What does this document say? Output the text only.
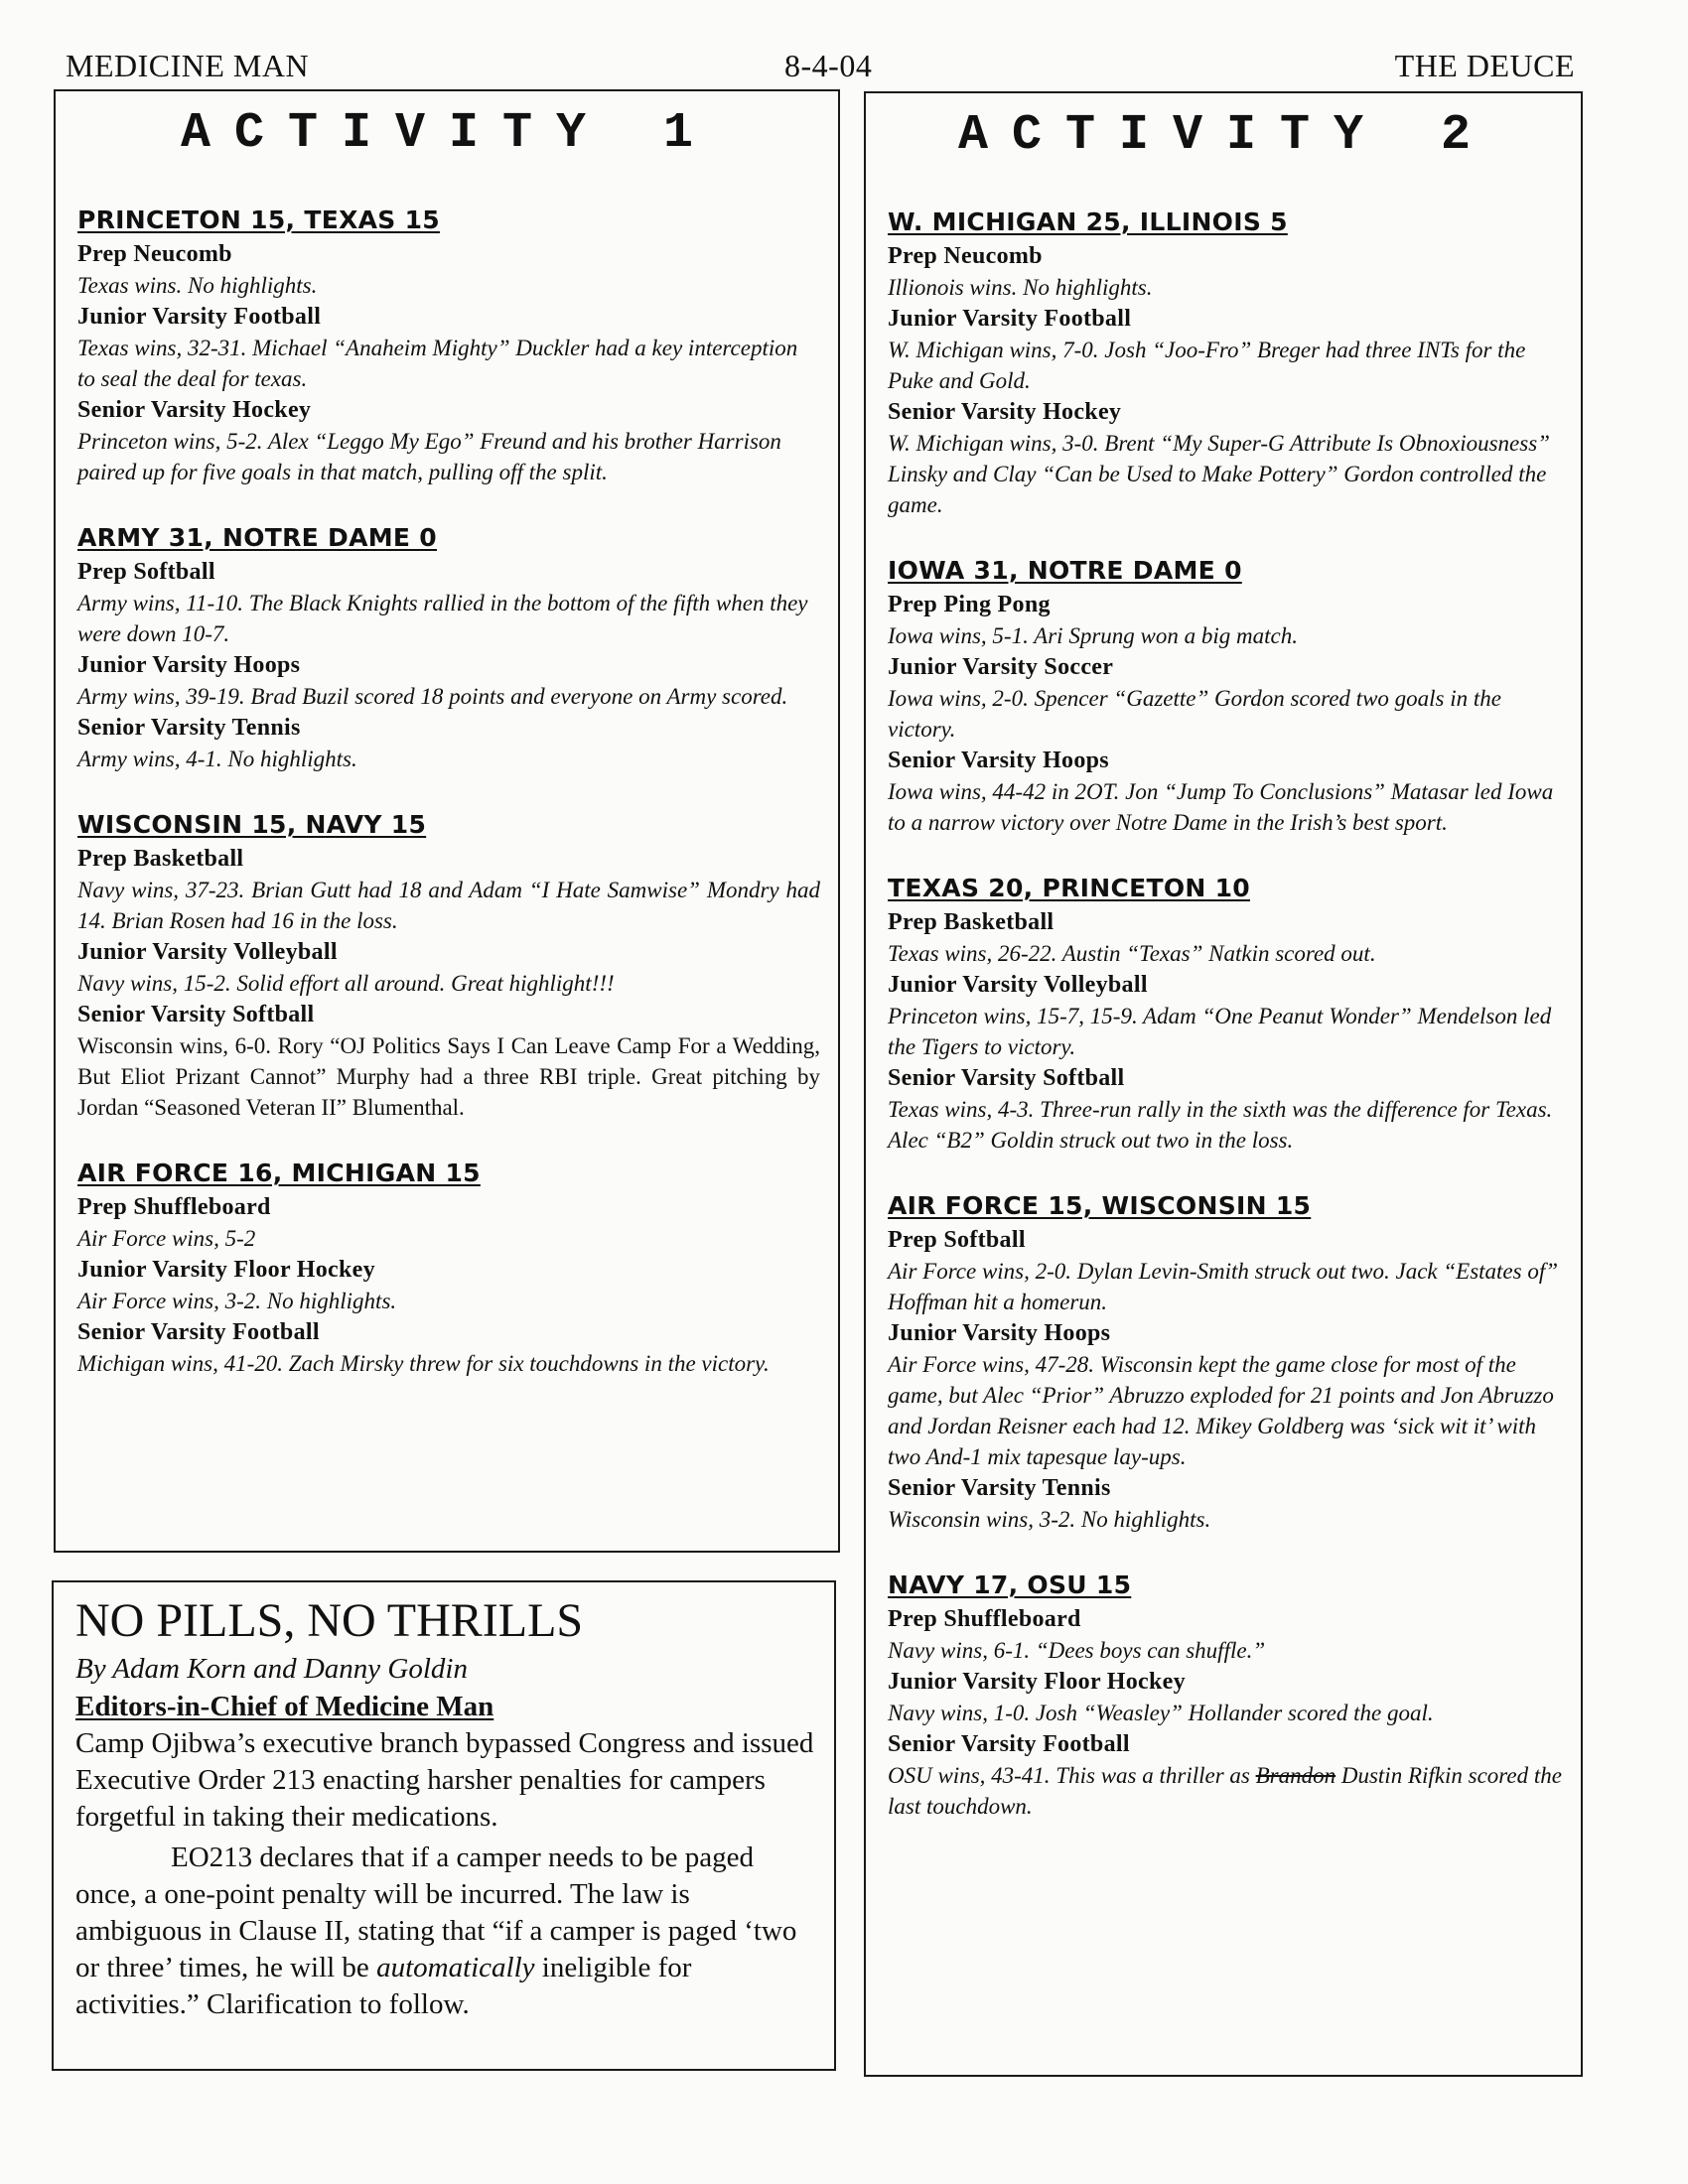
MEDICINE MAN	8-4-04	THE DEUCE
ACTIVITY 1
PRINCETON 15, TEXAS 15
Prep Neucomb
Texas wins. No highlights.
Junior Varsity Football
Texas wins, 32-31. Michael “Anaheim Mighty” Duckler had a key interception to seal the deal for texas.
Senior Varsity Hockey
Princeton wins, 5-2. Alex “Leggo My Ego” Freund and his brother Harrison paired up for five goals in that match, pulling off the split.
ARMY 31, NOTRE DAME 0
Prep Softball
Army wins, 11-10. The Black Knights rallied in the bottom of the fifth when they were down 10-7.
Junior Varsity Hoops
Army wins, 39-19. Brad Buzil scored 18 points and everyone on Army scored.
Senior Varsity Tennis
Army wins, 4-1. No highlights.
WISCONSIN 15, NAVY 15
Prep Basketball
Navy wins, 37-23. Brian Gutt had 18 and Adam “I Hate Samwise” Mondry had 14. Brian Rosen had 16 in the loss.
Junior Varsity Volleyball
Navy wins, 15-2. Solid effort all around. Great highlight!!!
Senior Varsity Softball
Wisconsin wins, 6-0. Rory “OJ Politics Says I Can Leave Camp For a Wedding, But Eliot Prizant Cannot” Murphy had a three RBI triple. Great pitching by Jordan “Seasoned Veteran II” Blumenthal.
AIR FORCE 16, MICHIGAN 15
Prep Shuffleboard
Air Force wins, 5-2
Junior Varsity Floor Hockey
Air Force wins, 3-2. No highlights.
Senior Varsity Football
Michigan wins, 41-20. Zach Mirsky threw for six touchdowns in the victory.
ACTIVITY 2
W. MICHIGAN 25, ILLINOIS 5
Prep Neucomb
Illionois wins. No highlights.
Junior Varsity Football
W. Michigan wins, 7-0. Josh “Joo-Fro” Breger had three INTs for the Puke and Gold.
Senior Varsity Hockey
W. Michigan wins, 3-0. Brent “My Super-G Attribute Is Obnoxiousness” Linsky and Clay “Can be Used to Make Pottery” Gordon controlled the game.
IOWA 31, NOTRE DAME 0
Prep Ping Pong
Iowa wins, 5-1. Ari Sprung won a big match.
Junior Varsity Soccer
Iowa wins, 2-0. Spencer “Gazette” Gordon scored two goals in the victory.
Senior Varsity Hoops
Iowa wins, 44-42 in 2OT. Jon “Jump To Conclusions” Matasar led Iowa to a narrow victory over Notre Dame in the Irish’s best sport.
TEXAS 20, PRINCETON 10
Prep Basketball
Texas wins, 26-22. Austin “Texas” Natkin scored out.
Junior Varsity Volleyball
Princeton wins, 15-7, 15-9. Adam “One Peanut Wonder” Mendelson led the Tigers to victory.
Senior Varsity Softball
Texas wins, 4-3. Three-run rally in the sixth was the difference for Texas. Alec “B2” Goldin struck out two in the loss.
AIR FORCE 15, WISCONSIN 15
Prep Softball
Air Force wins, 2-0. Dylan Levin-Smith struck out two. Jack “Estates of” Hoffman hit a homerun.
Junior Varsity Hoops
Air Force wins, 47-28. Wisconsin kept the game close for most of the game, but Alec “Prior” Abruzzo exploded for 21 points and Jon Abruzzo and Jordan Reisner each had 12. Mikey Goldberg was ‘sick wit it’ with two And-1 mix tapesque lay-ups.
Senior Varsity Tennis
Wisconsin wins, 3-2. No highlights.
NAVY 17, OSU 15
Prep Shuffleboard
Navy wins, 6-1. “Dees boys can shuffle.”
Junior Varsity Floor Hockey
Navy wins, 1-0. Josh “Weasley” Hollander scored the goal.
Senior Varsity Football
OSU wins, 43-41. This was a thriller as Brandon Dustin Rifkin scored the last touchdown.
NO PILLS, NO THRILLS
By Adam Korn and Danny Goldin
Editors-in-Chief of Medicine Man

Camp Ojibwa’s executive branch bypassed Congress and issued Executive Order 213 enacting harsher penalties for campers forgetful in taking their medications.

EO213 declares that if a camper needs to be paged once, a one-point penalty will be incurred. The law is ambiguous in Clause II, stating that “if a camper is paged ‘two or three’ times, he will be automatically ineligible for activities.” Clarification to follow.
